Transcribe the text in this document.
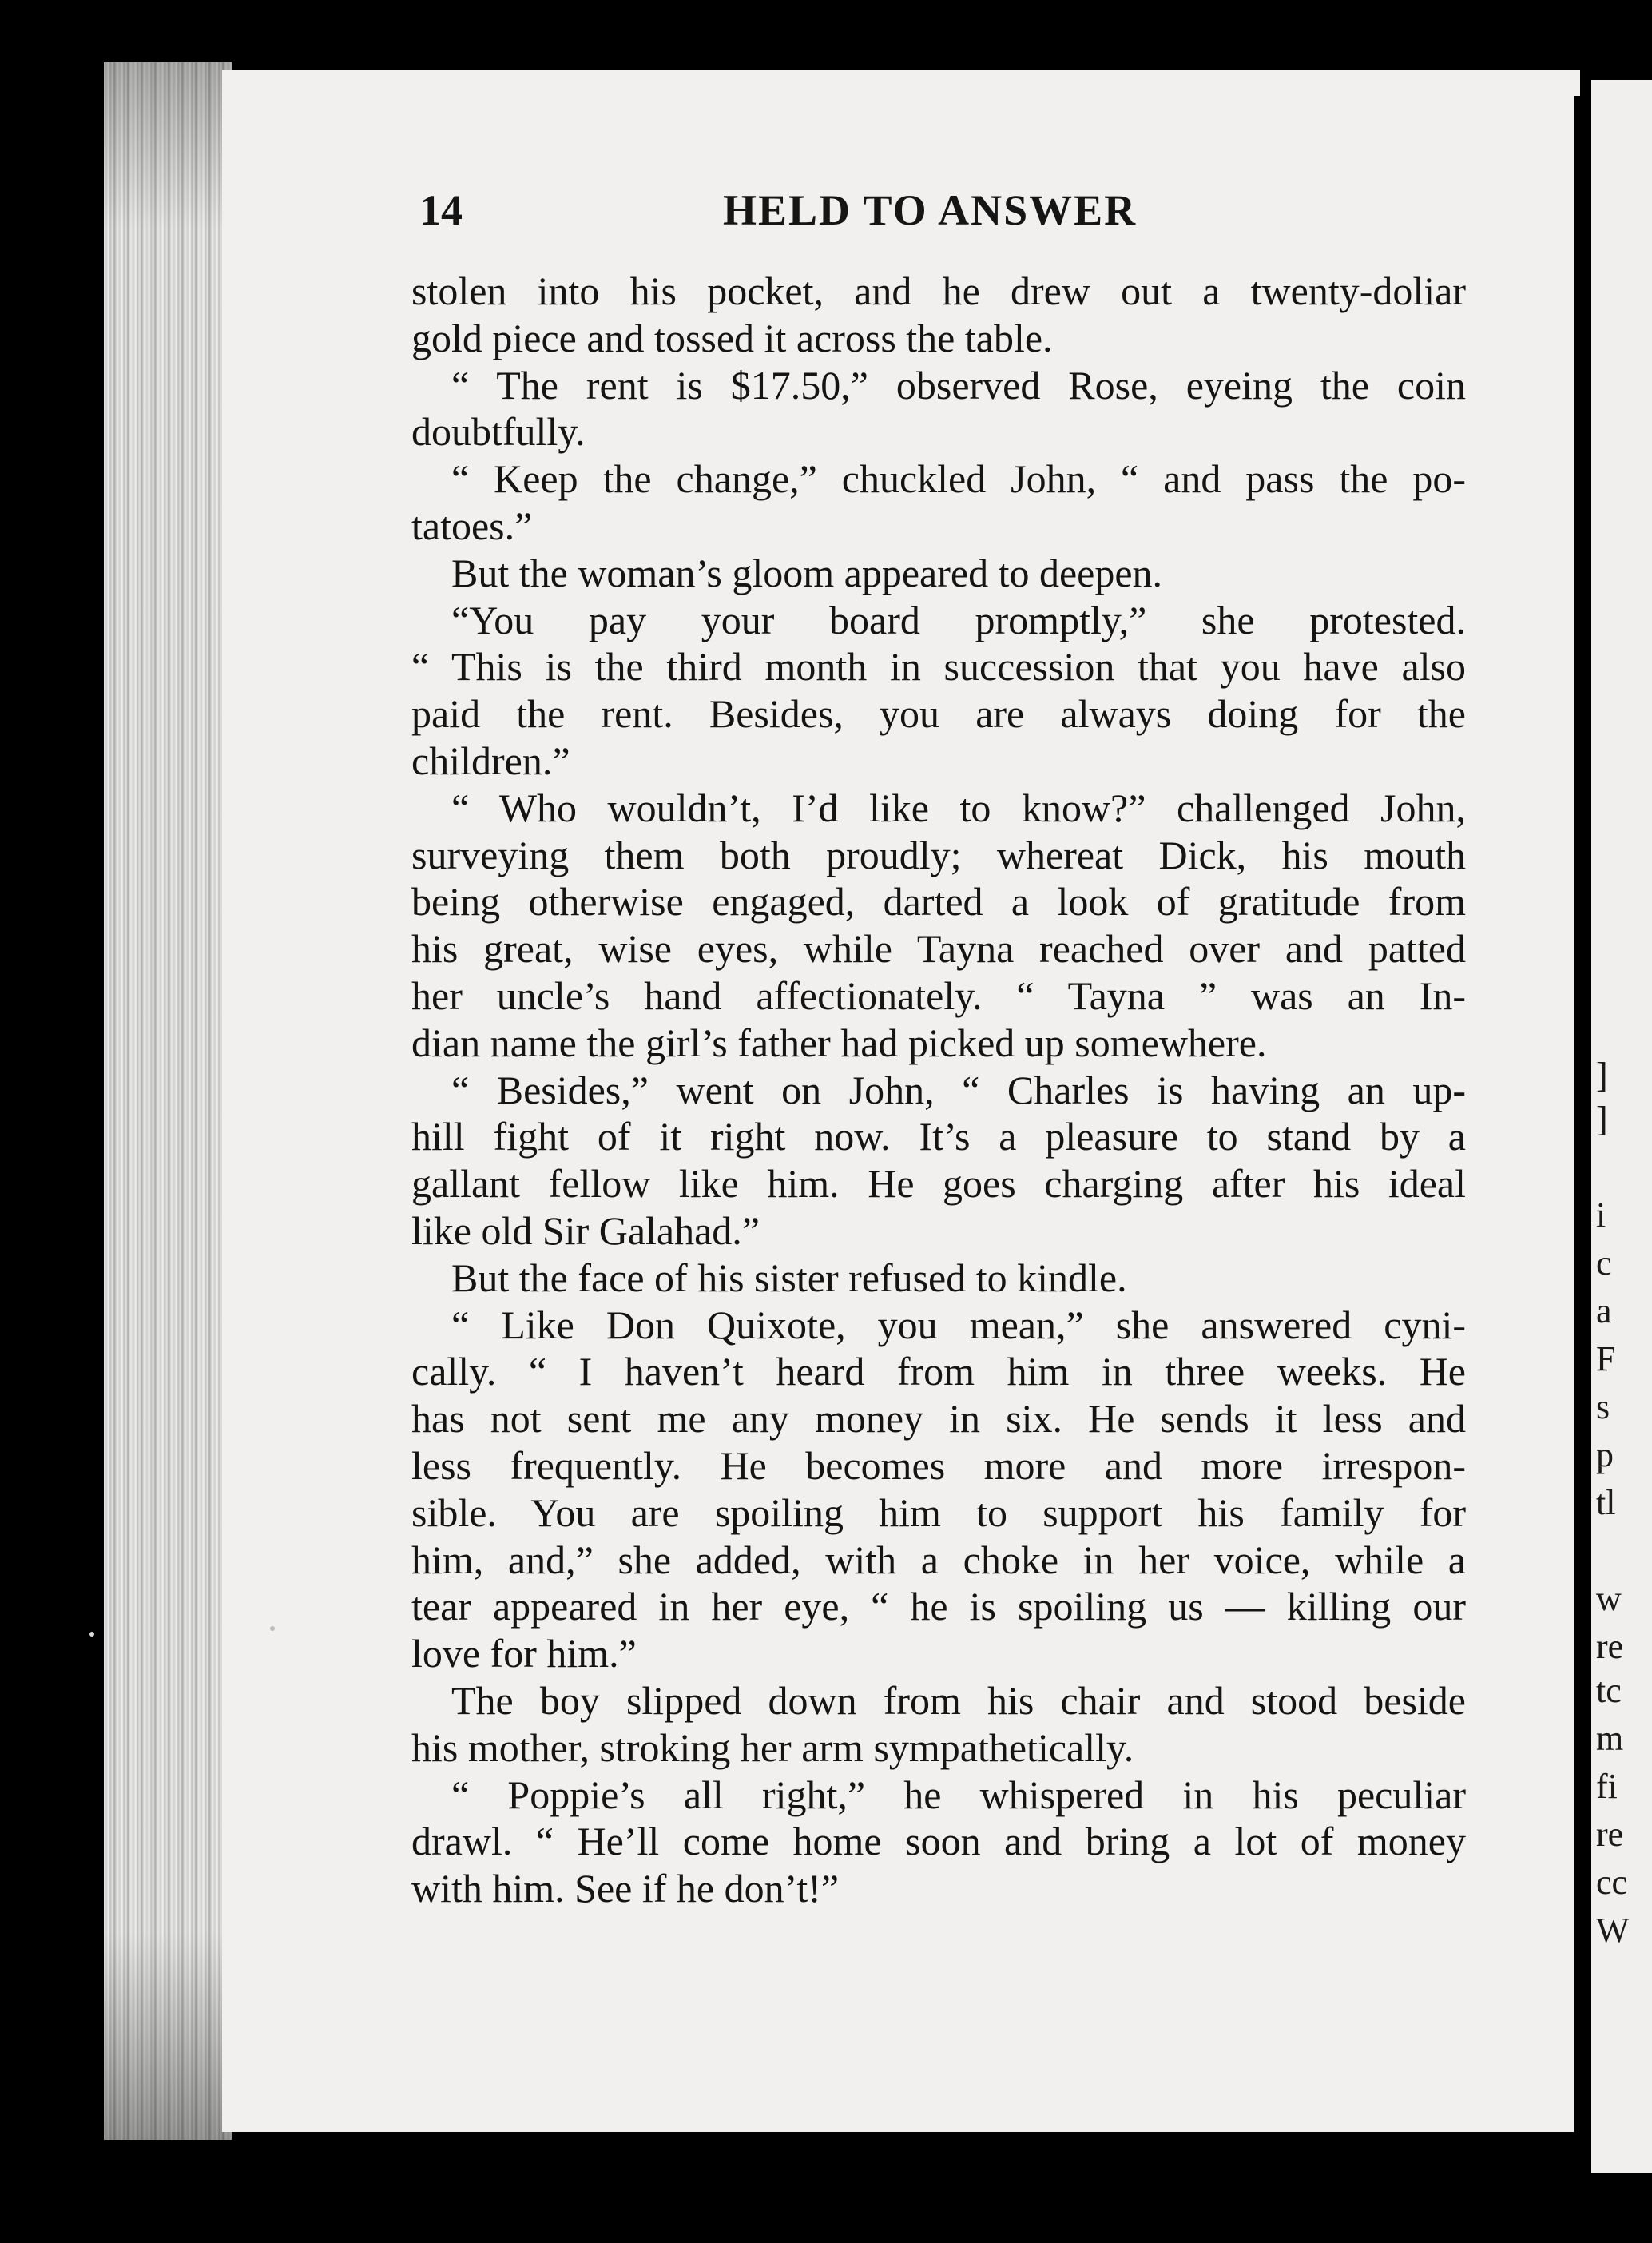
]
]
i
c
a
F
s
p
tl
w
re
tc
m
fi
re
cc
W
14	HELD TO ANSWER
stolen into his pocket, and he drew out a twenty-doliar
gold piece and tossed it across the table.
“ The rent is $17.50,” observed Rose, eyeing the coin
doubtfully.
“ Keep the change,” chuckled John, “ and pass the po-
tatoes.”
But the woman’s gloom appeared to deepen.
“You pay your board promptly,” she protested.
“ This is the third month in succession that you have also
paid the rent. Besides, you are always doing for the
children.”
“ Who wouldn’t, I’d like to know?” challenged John,
surveying them both proudly; whereat Dick, his mouth
being otherwise engaged, darted a look of gratitude from
his great, wise eyes, while Tayna reached over and patted
her uncle’s hand affectionately. “ Tayna ” was an In-
dian name the girl’s father had picked up somewhere.
“ Besides,” went on John, “ Charles is having an up-
hill fight of it right now. It’s a pleasure to stand by a
gallant fellow like him. He goes charging after his ideal
like old Sir Galahad.”
But the face of his sister refused to kindle.
“ Like Don Quixote, you mean,” she answered cyni-
cally. “ I haven’t heard from him in three weeks. He
has not sent me any money in six. He sends it less and
less frequently. He becomes more and more irrespon-
sible. You are spoiling him to support his family for
him, and,” she added, with a choke in her voice, while a
tear appeared in her eye, “ he is spoiling us — killing our
love for him.”
The boy slipped down from his chair and stood beside
his mother, stroking her arm sympathetically.
“ Poppie’s all right,” he whispered in his peculiar
drawl. “ He’ll come home soon and bring a lot of money
with him. See if he don’t!”
